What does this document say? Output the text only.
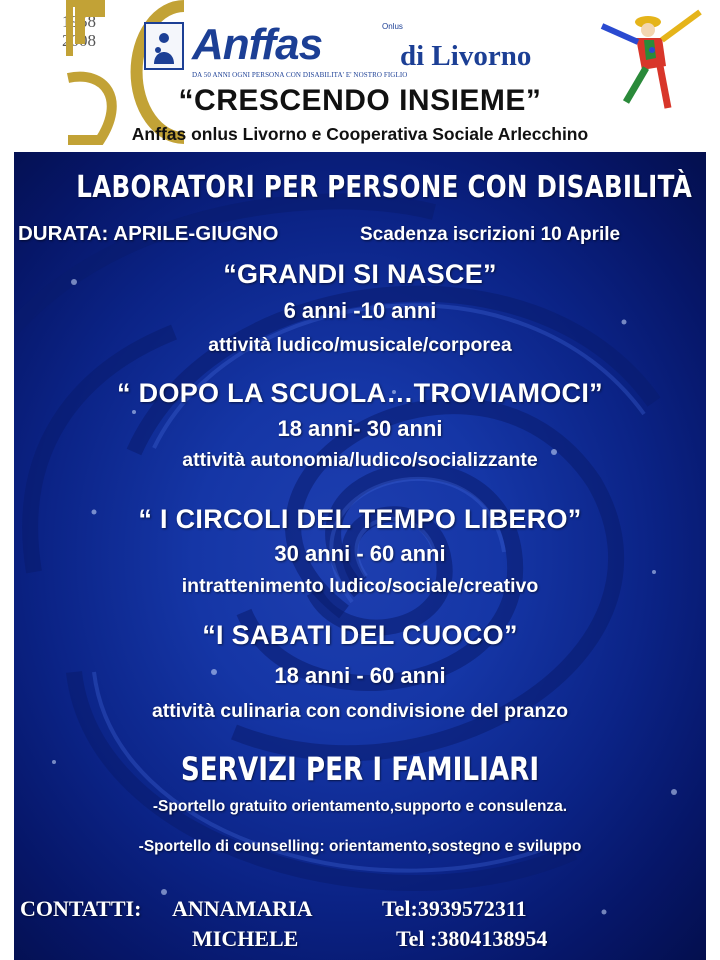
1958
2008 Anffas	Onlus
di Livorno
DA 50 ANNI OGNI PERSONA CON DISABILITA' E' NOSTRO FIGLIO
“CRESCENDO INSIEME”
Anffas onlus Livorno e Cooperativa Sociale Arlecchino
LABORATORI PER PERSONE CON DISABILITÀ
DURATA: APRILE-GIUGNO	Scadenza iscrizioni 10 Aprile
“GRANDI SI NASCE”
6 anni -10 anni
attività ludico/musicale/corporea
“ DOPO LA SCUOLA…TROVIAMOCI”
18 anni- 30 anni
attività autonomia/ludico/socializzante
“ I CIRCOLI DEL TEMPO LIBERO”
30 anni - 60 anni
intrattenimento ludico/sociale/creativo
“I SABATI DEL CUOCO”
18 anni - 60 anni
attività culinaria con condivisione del pranzo
SERVIZI PER I FAMILIARI
-Sportello gratuito orientamento,supporto e consulenza.
-Sportello di counselling: orientamento,sostegno e sviluppo
CONTATTI: ANNAMARIA	Tel:3939572311
MICHELE	Tel :3804138954
